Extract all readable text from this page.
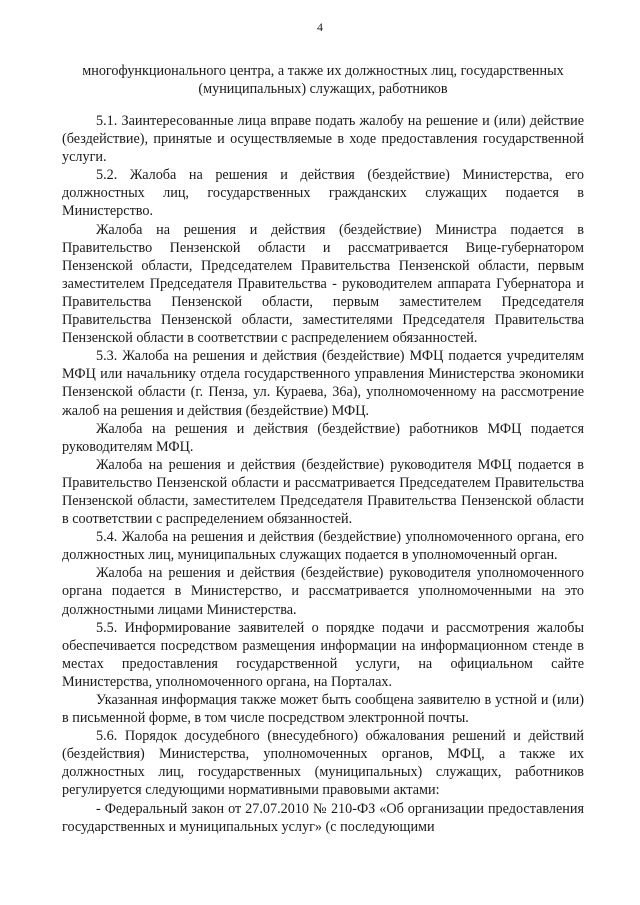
4
многофункционального центра, а также их должностных лиц, государственных (муниципальных) служащих, работников

5.1. Заинтересованные лица вправе подать жалобу на решение и (или) действие (бездействие), принятые и осуществляемые в ходе предоставления государственной услуги.

5.2. Жалоба на решения и действия (бездействие) Министерства, его должностных лиц, государственных гражданских служащих подается в Министерство.

Жалоба на решения и действия (бездействие) Министра подается в Правительство Пензенской области и рассматривается Вице-губернатором Пензенской области, Председателем Правительства Пензенской области, первым заместителем Председателя Правительства - руководителем аппарата Губернатора и Правительства Пензенской области, первым заместителем Председателя Правительства Пензенской области, заместителями Председателя Правительства Пензенской области в соответствии с распределением обязанностей.

5.3. Жалоба на решения и действия (бездействие) МФЦ подается учредителям МФЦ или начальнику отдела государственного управления Министерства экономики Пензенской области (г. Пенза, ул. Кураева, 36а), уполномоченному на рассмотрение жалоб на решения и действия (бездействие) МФЦ.

Жалоба на решения и действия (бездействие) работников МФЦ подается руководителям МФЦ.

Жалоба на решения и действия (бездействие) руководителя МФЦ подается в Правительство Пензенской области и рассматривается Председателем Правительства Пензенской области, заместителем Председателя Правительства Пензенской области в соответствии с распределением обязанностей.

5.4. Жалоба на решения и действия (бездействие) уполномоченного органа, его должностных лиц, муниципальных служащих подается в уполномоченный орган.

Жалоба на решения и действия (бездействие) руководителя уполномоченного органа подается в Министерство, и рассматривается уполномоченными на это должностными лицами Министерства.

5.5. Информирование заявителей о порядке подачи и рассмотрения жалобы обеспечивается посредством размещения информации на информационном стенде в местах предоставления государственной услуги, на официальном сайте Министерства, уполномоченного органа, на Порталах.

Указанная информация также может быть сообщена заявителю в устной и (или) в письменной форме, в том числе посредством электронной почты.

5.6. Порядок досудебного (внесудебного) обжалования решений и действий (бездействия) Министерства, уполномоченных органов, МФЦ, а также их должностных лиц, государственных (муниципальных) служащих, работников регулируется следующими нормативными правовыми актами:

- Федеральный закон от 27.07.2010 № 210-ФЗ «Об организации предоставления государственных и муниципальных услуг» (с последующими
